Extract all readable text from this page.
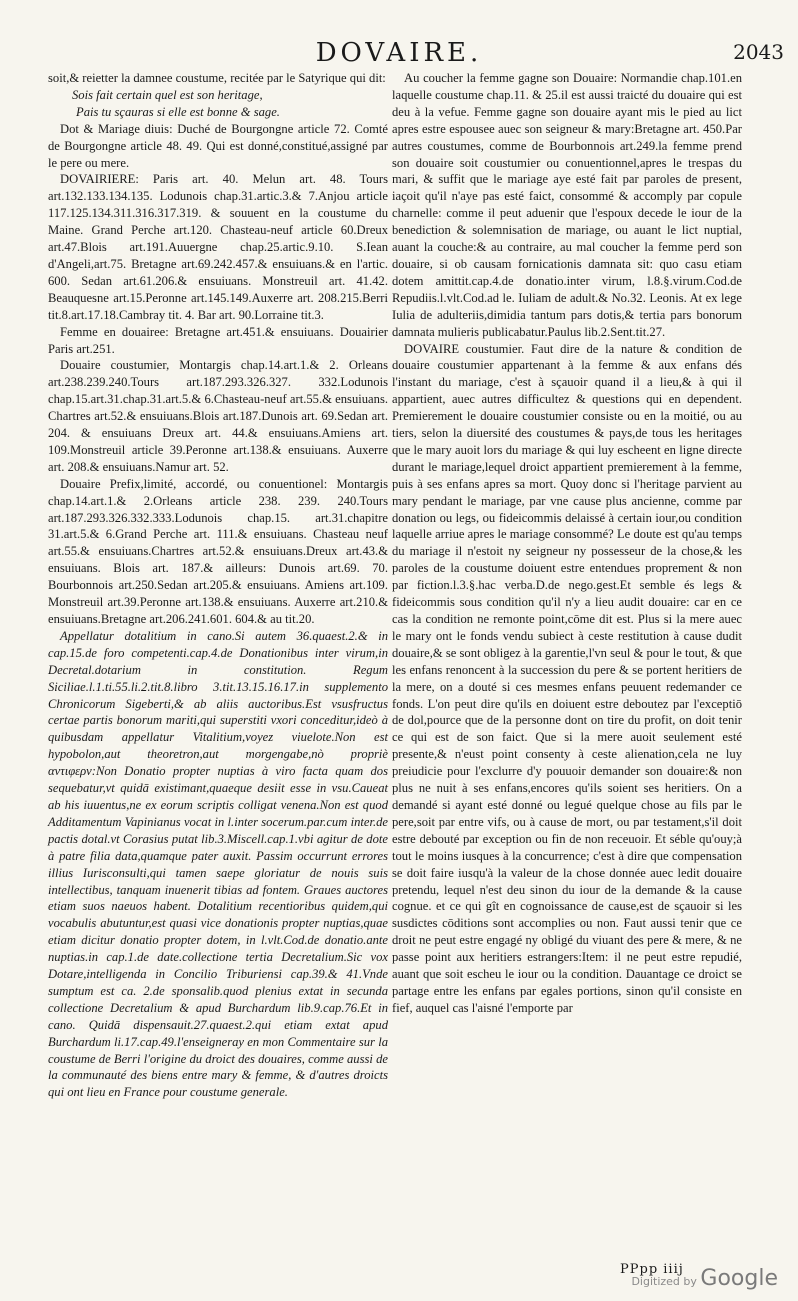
DOVAIRE.	2043

soit,& reietter la damnee coustume, recitée par le Satyrique qui dit:

Sois fait certain quel est son heritage,

Pais tu sçauras si elle est bonne & sage.

Dot & Mariage diuis: Duché de Bourgongne article 72. Comté de Bourgongne article 48. 49. Qui est donné,constitué,assigné par le pere ou mere.

DOVAIRIERE: Paris art. 40. Melun art. 48. Tours art.132.133.134.135. Lodunois chap.31.artic.3.& 7.Anjou article 117.125.134.311.316.317.319. & souuent en la coustume du Maine. Grand Perche art.120. Chasteau-neuf article 60.Dreux art.47.Blois art.191.Auuergne chap.25.artic.9.10. S.Iean d'Angeli,art.75. Bretagne art.69.242.457.& ensuiuans.& en l'artic. 600. Sedan art.61.206.& ensuiuans. Monstreuil art. 41.42. Beauquesne art.15.Peronne art.145.149.Auxerre art. 208.215.Berri tit.8.art.17.18.Cambray tit. 4. Bar art. 90.Lorraine tit.3.

Femme en douairee: Bretagne art.451.& ensuiuans. Douairier Paris art.251.

Douaire coustumier, Montargis chap.14.art.1.& 2. Orleans art.238.239.240.Tours art.187.293.326.327. 332.Lodunois chap.15.art.31.chap.31.art.5.& 6.Chasteau-neuf art.55.& ensuiuans. Chartres art.52.& ensuiuans.Blois art.187.Dunois art. 69.Sedan art. 204. & ensuiuans Dreux art. 44.& ensuiuans.Amiens art. 109.Monstreuil article 39.Peronne art.138.& ensuiuans. Auxerre art. 208.& ensuiuans.Namur art. 52.

Douaire Prefix,limité, accordé, ou conuentionel: Montargis chap.14.art.1.& 2.Orleans article 238. 239. 240.Tours art.187.293.326.332.333.Lodunois chap.15. art.31.chapitre 31.art.5.& 6.Grand Perche art. 111.& ensuiuans. Chasteau neuf art.55.& ensuiuans.Chartres art.52.& ensuiuans.Dreux art.43.& ensuiuans. Blois art. 187.& ailleurs: Dunois art.69. 70. Bourbonnois art.250.Sedan art.205.& ensuiuans. Amiens art.109. Monstreuil art.39.Peronne art.138.& ensuiuans. Auxerre art.210.& ensuiuans.Bretagne art.206.241.601. 604.& au tit.20.

Appellatur dotalitium in cano.Si autem 36.quaest.2.& in cap.15.de foro competenti.cap.4.de Donationibus inter virum,in Decretal.dotarium in constitution. Regum Siciliae.l.1.ti.55.li.2.tit.8.libro 3.tit.13.15.16.17.in supplemento Chronicorum Sigeberti,& ab aliis auctoribus.Est vsusfructus certae partis bonorum mariti,qui superstiti vxori conceditur,ideò à quibusdam appellatur Vitalitium,voyez viuelote.Non est hypobolon,aut theoretron,aut morgengabe,nò propriè αντιφερν:Non Donatio propter nuptias à viro facta quam dos sequebatur,vt quidā existimant,quaeque desiit esse in vsu.Caueat ab his iuuentus,ne ex eorum scriptis colligat venena.Non est quod Additamentum Vapinianus vocat in l.inter socerum.par.cum inter.de pactis dotal.vt Corasius putat lib.3.Miscell.cap.1.vbi agitur de dote à patre filia data,quamque pater auxit. Passim occurrunt errores illius Iurisconsulti,qui tamen saepe gloriatur de nouis suis intellectibus, tanquam inuenerit tibias ad fontem. Graues auctores etiam suos naeuos habent. Dotalitium recentioribus quidem,qui vocabulis abutuntur,est quasi vice donationis propter nuptias,quae etiam dicitur donatio propter dotem, in l.vlt.Cod.de donatio.ante nuptias.in cap.1.de date.collectione tertia Decretalium.Sic vox Dotare,intelligenda in Concilio Triburiensi cap.39.& 41.Vnde sumptum est ca. 2.de sponsalib.quod plenius extat in secunda collectione Decretalium & apud Burchardum lib.9.cap.76.Et in cano. Quidā dispensauit.27.quaest.2.qui etiam extat apud Burchardum li.17.cap.49.l'enseigneray en mon Commentaire sur la coustume de Berri l'origine du droict des douaires, comme aussi de la communauté des biens entre mary & femme, & d'autres droicts qui ont lieu en France pour coustume generale.

Au coucher la femme gagne son Douaire: Normandie chap.101.en laquelle coustume chap.11. & 25.il est aussi traicté du douaire qui est deu à la vefue. Femme gagne son douaire ayant mis le pied au lict apres estre espousee auec son seigneur & mary:Bretagne art. 450.Par autres coustumes, comme de Bourbonnois art.249.la femme prend son douaire soit coustumier ou conuentionnel,apres le trespas du mari, & suffit que le mariage aye esté fait par paroles de present, iaçoit qu'il n'aye pas esté faict, consommé & accomply par copule charnelle: comme il peut aduenir que l'espoux decede le iour de la benediction & solemnisation de mariage, ou auant le lict nuptial, auant la couche:& au contraire, au mal coucher la femme perd son douaire, si ob causam fornicationis damnata sit: quo casu etiam dotem amittit.cap.4.de donatio.inter virum, l.8.§.virum.Cod.de Repudiis.l.vlt.Cod.ad le. Iuliam de adult.& No.32. Leonis. At ex lege Iulia de adulteriis,dimidia tantum pars dotis,& tertia pars bonorum damnata mulieris publicabatur.Paulus lib.2.Sent.tit.27.

DOVAIRE coustumier. Faut dire de la nature & condition de douaire coustumier appartenant à la femme & aux enfans dés l'instant du mariage, c'est à sçauoir quand il a lieu,& à qui il appartient, auec autres difficultez & questions qui en dependent. Premierement le douaire coustumier consiste ou en la moitié, ou au tiers, selon la diuersité des coustumes & pays,de tous les heritages que le mary auoit lors du mariage & qui luy escheent en ligne directe durant le mariage,lequel droict appartient premierement à la femme, puis à ses enfans apres sa mort. Quoy donc si l'heritage parvient au mary pendant le mariage, par vne cause plus ancienne, comme par donation ou legs, ou fideicommis delaissé à certain iour,ou condition laquelle arriue apres le mariage consommé? Le doute est qu'au temps du mariage il n'estoit ny seigneur ny possesseur de la chose,& les paroles de la coustume doiuent estre entendues proprement & non par fiction.l.3.§.hac verba.D.de nego.gest.Et semble és legs & fideicommis sous condition qu'il n'y a lieu audit douaire: car en ce cas la condition ne remonte point,cōme dit est. Plus si la mere auec le mary ont le fonds vendu subiect à ceste restitution à cause dudit douaire,& se sont obligez à la garentie,l'vn seul & pour le tout, & que les enfans renoncent à la succession du pere & se portent heritiers de la mere, on a douté si ces mesmes enfans peuuent redemander ce fonds. L'on peut dire qu'ils en doiuent estre deboutez par l'exceptiō de dol,pource que de la personne dont on tire du profit, on doit tenir ce qui est de son faict. Que si la mere auoit seulement esté presente,& n'eust point consenty à ceste alienation,cela ne luy preiudicie pour l'exclurre d'y pouuoir demander son douaire:& non plus ne nuit à ses enfans,encores qu'ils soient ses heritiers. On a demandé si ayant esté donné ou legué quelque chose au fils par le pere,soit par entre vifs, ou à cause de mort, ou par testament,s'il doit estre debouté par exception ou fin de non receuoir. Et séble qu'ouy;à tout le moins iusques à la concurrence; c'est à dire que compensation se doit faire iusqu'à la valeur de la chose donnée auec ledit douaire pretendu, lequel n'est deu sinon du iour de la demande & la cause cognue. et ce qui gît en cognoissance de cause,est de sçauoir si les susdictes cōditions sont accomplies ou non. Faut aussi tenir que ce droit ne peut estre engagé ny obligé du viuant des pere & mere, & ne passe point aux heritiers estrangers:Item: il ne peut estre repudié, auant que soit escheu le iour ou la condition. Dauantage ce droict se partage entre les enfans par egales portions, sinon qu'il consiste en fief, auquel cas l'aisné l'emporte par

PPpp iiij
Digitized by Google
